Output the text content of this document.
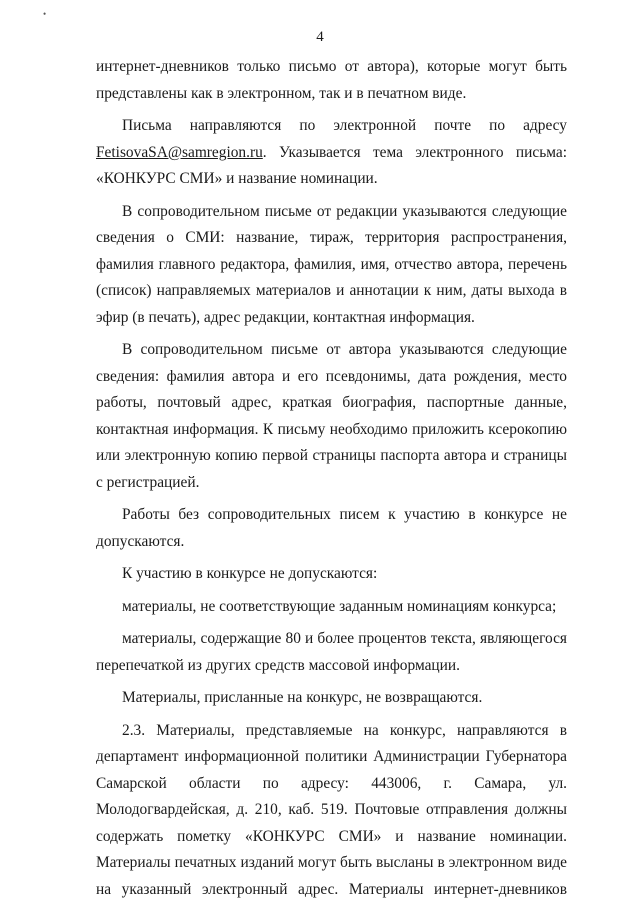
•
4

интернет-дневников только письмо от автора), которые могут быть представлены как в электронном, так и в печатном виде.

Письма направляются по электронной почте по адресу FetisovaSA@samregion.ru. Указывается тема электронного письма: «КОНКУРС СМИ» и название номинации.

В сопроводительном письме от редакции указываются следующие сведения о СМИ: название, тираж, территория распространения, фамилия главного редактора, фамилия, имя, отчество автора, перечень (список) направляемых материалов и аннотации к ним, даты выхода в эфир (в печать), адрес редакции, контактная информация.

В сопроводительном письме от автора указываются следующие сведения: фамилия автора и его псевдонимы, дата рождения, место работы, почтовый адрес, краткая биография, паспортные данные, контактная информация. К письму необходимо приложить ксерокопию или электронную копию первой страницы паспорта автора и страницы с регистрацией.

Работы без сопроводительных писем к участию в конкурсе не допускаются.

К участию в конкурсе не допускаются:

материалы, не соответствующие заданным номинациям конкурса;

материалы, содержащие 80 и более процентов текста, являющегося перепечаткой из других средств массовой информации.

Материалы, присланные на конкурс, не возвращаются.

2.3. Материалы, представляемые на конкурс, направляются в департамент информационной политики Администрации Губернатора Самарской области по адресу: 443006, г. Самара, ул. Молодогвардейская, д. 210, каб. 519. Почтовые отправления должны содержать пометку «КОНКУРС СМИ» и название номинации. Материалы печатных изданий могут быть высланы в электронном виде на указанный электронный адрес. Материалы интернет-дневников
